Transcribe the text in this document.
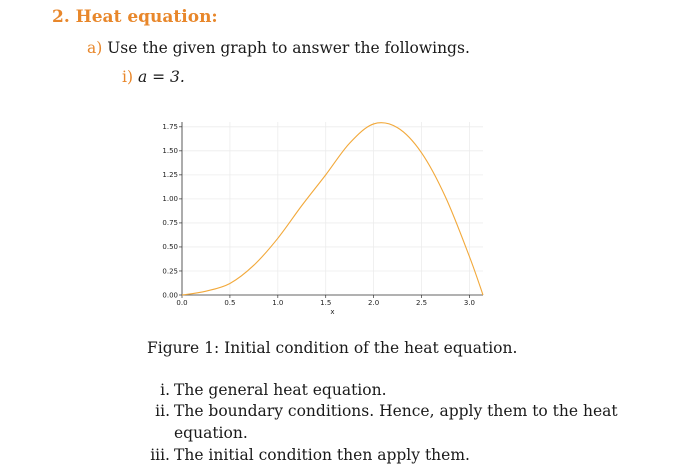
2. Heat equation:
a) Use the given graph to answer the followings.
i) a = 3.
0.00
0.25
0.50
0.75
1.00
1.25
1.50
1.75
0.0	0.5	1.0	1.5	2.0	2.5	3.0
x
Figure 1: Initial condition of the heat equation.
i. The general heat equation.
ii. The boundary conditions. Hence, apply them to the heat
equation.
iii. The initial condition then apply them.
